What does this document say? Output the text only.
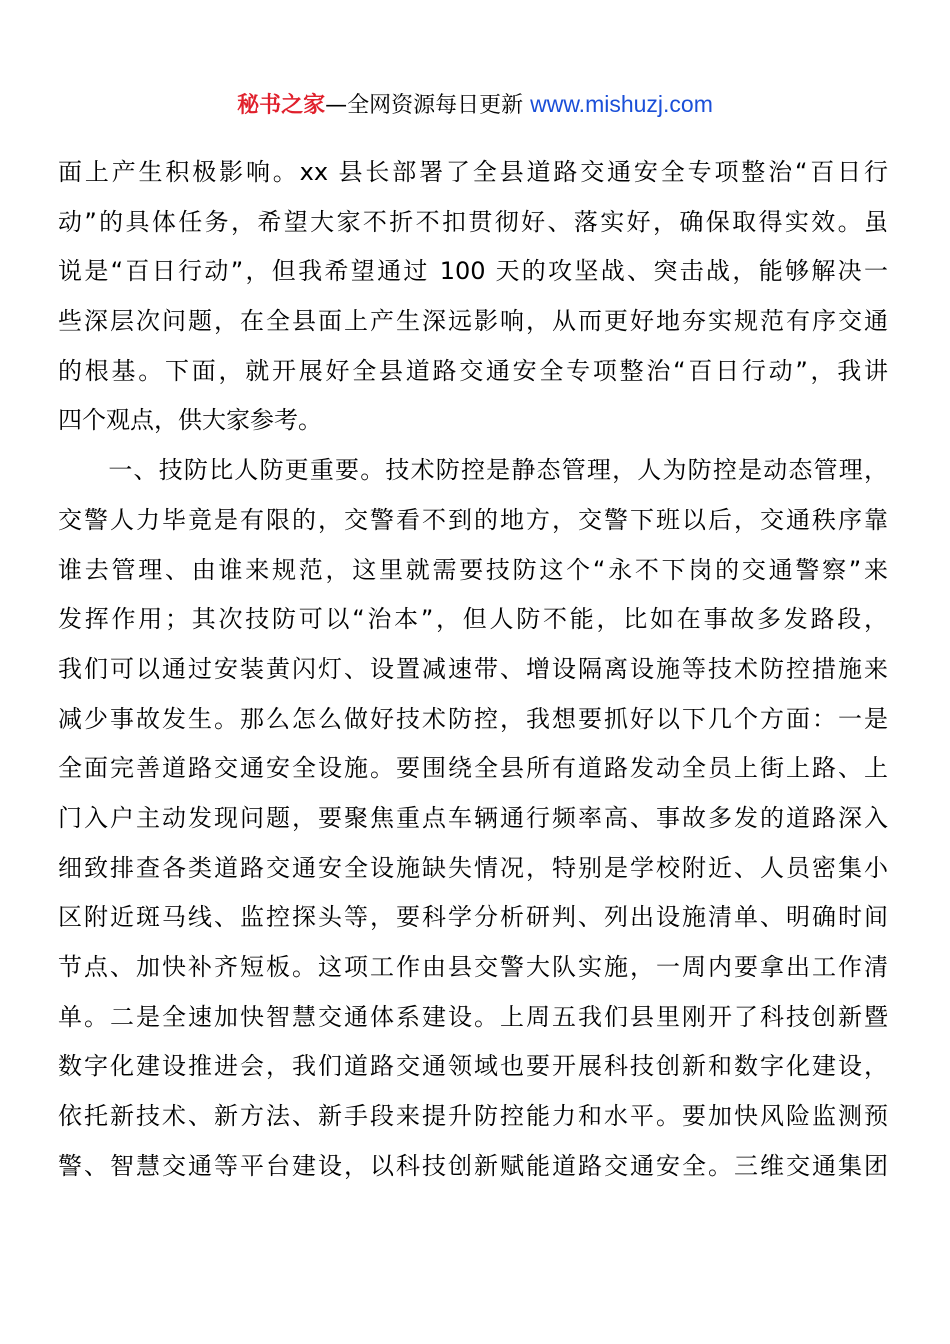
秘书之家—全网资源每日更新 www.mishuzj.com
面上产生积极影响。xx 县长部署了全县道路交通安全专项整治“百日行
动”的具体任务，希望大家不折不扣贯彻好、落实好，确保取得实效。虽
说是“百日行动”，但我希望通过 100 天的攻坚战、突击战，能够解决一
些深层次问题，在全县面上产生深远影响，从而更好地夯实规范有序交通
的根基。下面，就开展好全县道路交通安全专项整治“百日行动”，我讲
四个观点，供大家参考。
　　一、技防比人防更重要。技术防控是静态管理，人为防控是动态管理，
交警人力毕竟是有限的，交警看不到的地方，交警下班以后，交通秩序靠
谁去管理、由谁来规范，这里就需要技防这个“永不下岗的交通警察”来
发挥作用；其次技防可以“治本”，但人防不能，比如在事故多发路段，
我们可以通过安装黄闪灯、设置减速带、增设隔离设施等技术防控措施来
减少事故发生。那么怎么做好技术防控，我想要抓好以下几个方面：一是
全面完善道路交通安全设施。要围绕全县所有道路发动全员上街上路、上
门入户主动发现问题，要聚焦重点车辆通行频率高、事故多发的道路深入
细致排查各类道路交通安全设施缺失情况，特别是学校附近、人员密集小
区附近斑马线、监控探头等，要科学分析研判、列出设施清单、明确时间
节点、加快补齐短板。这项工作由县交警大队实施，一周内要拿出工作清
单。二是全速加快智慧交通体系建设。上周五我们县里刚开了科技创新暨
数字化建设推进会，我们道路交通领域也要开展科技创新和数字化建设，
依托新技术、新方法、新手段来提升防控能力和水平。要加快风险监测预
警、智慧交通等平台建设，以科技创新赋能道路交通安全。三维交通集团
